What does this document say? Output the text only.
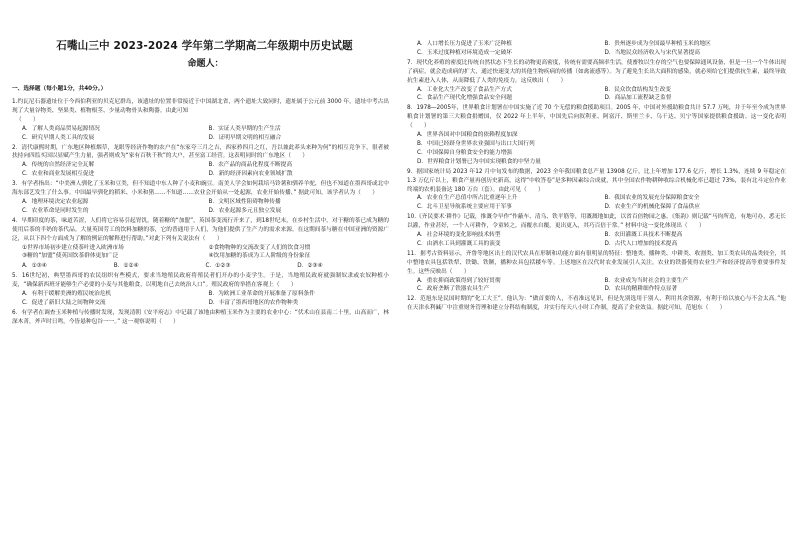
石嘴山三中 2023-2024 学年第二学期高二年级期中历史试题
命题人：
一、选择题（每小题1分，共40分。）
1.约瓦尼石器遗址位于今西伯利亚的贝克尼群岛，该遗址的位置非常接近于中国湖北省，两个遗址大致同时，遗址属于公元前 3000 年，遗址中考古出现了大量谷物类、坚果类、植物根茎、少量动物骨头和陶器。由此可知
（　　）
A．了解人类商品贸易起源情况	B．实证人类早期的生产生活
C．研究早期人类工具的发展	D．证明早期文明的相互融合
2．清代康熙时期，广东地区种植烟草，龙眼等经济作物的农户在“东家夸三月之吉，西家矜四月之红，吾以兼此养头来种为何”的相互竞争下，很者被扶持向四监买国以显赋产生力量，强者则成为“家有百秋千秋”的大户，甚至富工经营。这表明同时的广东地区（　　）
A．传统的自然经济完全瓦解	B．农产品的商品化程度不断提高
C．农业和商业发展相互促进	D．新的经济因素向农业领域扩散
3．有学者指出：“中美洲人驯化了玉米和豆类，但不知道中东人种了小麦和豌豆。南美人学会如何栽培马铃薯和驯养羊驼，但也不知道在墨西哥或北中海东部艺发生了什么事。中国最早驯化的稻米、小米和猪……不知道……农业会开始从一处起源，农业开始传播、” 据此可知，该学者认为（　　）
A．地理环境决定农业起源	B．文明区域性阻碍物种传播
C．农业革命是同时发生的	D．农业起源多元且独立发展
4．早期印度的茶，味道苦涩，人们将它容易引起胃饥。随着糖的“加盟”，英国茶变流行开来了，到18世纪末，在乡村生活中，对于糖的茶已成为糖的使用后茶的半奶的茶代品。大量英国劳工的饮料加糖的茶，它的普通用于人们，为他们提供了生产力的需求来源。在这期间茶与糖在中国亚洲的资源广泛，从以下四个方面成为了解的例证的解释进行帮助。”对此下列有关说法有（　　）
①世界市场初步建立使茶叶进入欧洲市场	②食物物种的交流改变了人们的饮食习惯
③糖的“加盟”使英国饮茶群体更加广泛	④饮用加糖的茶成为工人阶级的身份象征
A．①③④	B．①②④	C．①②③	D．②③④
5．16世纪初，典型墨西哥的农民组织有些模式，要求当地殖民政府将殖民者们开办的小麦学生。于是，当地殖民政府就强制奴隶或农奴种植小麦，“确保新西班牙能够生产必要的小麦与其他粮食，以明地自己去统治人口”。殖民政府的举措在客观上（　　）
A．有利于缓解美洲的殖民统治危机	B．为欧洲工业革命的开展准备了原料条件
C．促进了新旧大陆之间物种交流	D．丰富了墨西哥地区的农作物种类
6．有学者在调查玉米种植与传播时发现，发现清朝《安平府志》中记载了该地由种植玉米作为主要的农业中心：“伏术山在县南二十里，山高而广，林深木菁，斧声时日鸣，今皆悬种包谷一一。” 这一观察说明（　　）
A．人口增长压力促进了玉米广泛种植	B．贵州逐步成为全国最早种植玉米的地区
C．玉米过度种植对环境造成一定破坏	D．当地民众经济收入与宋代显著提高
7．现代化养殖的密度比传统自然状态下生长的动物更高密度，传统有需要高频率生活，使畜牧以生存的空气也要保障通风设备，但是一旦一个牛体出现了病症，就会造成病的扩大，通过快速变大的其他生物疾病的传播（如禽流感等）。为了避免生长出大面积的感染，就必须给它们提供抗生素，最终导致抗生素进入人体，从而降低了人类的免疫力。这反映出（　　）
A．工业化大生产改变了食品生产方式	B．民众饮食结构发生改变
C．食品生产现代化增强食品安全问题	D．商品加工流程缺乏监督
8．1978—2005年，世界粮食计划署在中国实施了近 70 个无偿的粮食援助项目。2005 年，中国对外援助粮食共计 57.7 万吨，并于年至今成为世界粮食计划署的第三大粮食捐赠国，仅 2022 年上半年，中国先后向叙利亚、阿富汗、斯里兰卡、乌干达、贝宁等国家提供粮食援助。这一变化表明（　　）
A．世界各国对中国粮食的依赖程度加深
B．中国已经跻身世界农业强国与出口大国行列
C．中国保障自身粮食安全的能力增强
D．世界粮食计划署已为中国实现粮食的中坚力量
9．据国家统计局 2023 年12 月中旬发布的数据，2023 全年我国粮食总产量 13908 亿斤，比上年增加 177.6 亿斤，增长 1.3%，连续 9 年稳定在 1.3 万亿斤以上，粮食产量再创历史新高，这得“中收答卷”是多种因素综合成就，其中全国农作物耕种收综合机械化率已超过 73%，装有北斗定位作业终端的农机装备达 180 万台（套）。由此可见（　　）
A．农业在生产总值中所占比重逐年上升	B．我国农业的发展充分保障粮食安全
C．北斗卫星导航系统主要应用于军事	D．农业生产的机械化保障了食品供应
10.《齐民要术·耕作》记载，推溉令早作“作蔽车、清乌、铁平筋等，用溉溉地如此，以省百倍物园之惠。《集韵》则记载“马钧所造，有地可办，悉无长以灌，作业甚好，一个人可耕作，令童转之，而覆水自覆，更出更入，其巧百倍于常。” 材料中这一变化体现出（　　）
A．社会环境的变化影响技术转型	B．农田灌溉工具技术不断提高
C．由酒水工具到灌溉工具的演变	D．古代人口增加的技术提高
11．据考古资料显示，齐鲁等地区出土的汉代农具在形制和功能方面有很明显的特征：整地类、播种类、中耕类、收割类、加工类农具的品类较全，其中整地农具包括铁犁、铁锄、铁镢，播种农具包括耧车等。上述地区在汉代时农业发展引人关注，农业的铁器使得农业生产和经济提高等重要事件发生。这些反映出（　　）
A．重农抑商政策得到了较好贯彻	B．农业成为当时社会的主要生产
C．政府垄断了铁器农具生产	D．农具的精耕细作特点显著
12．范旭东是民国时期的“化工大王”。他认为：“做首要的人，不看准远见识，但是先别选用于别人，利用其余资源，有利于给以放心与不会太高。”他在天津永利碱厂中注重财务管理和建立分科结构制度，并实行每天八小时工作制，提高了企业效益。据此可知，范旭东（　　）
